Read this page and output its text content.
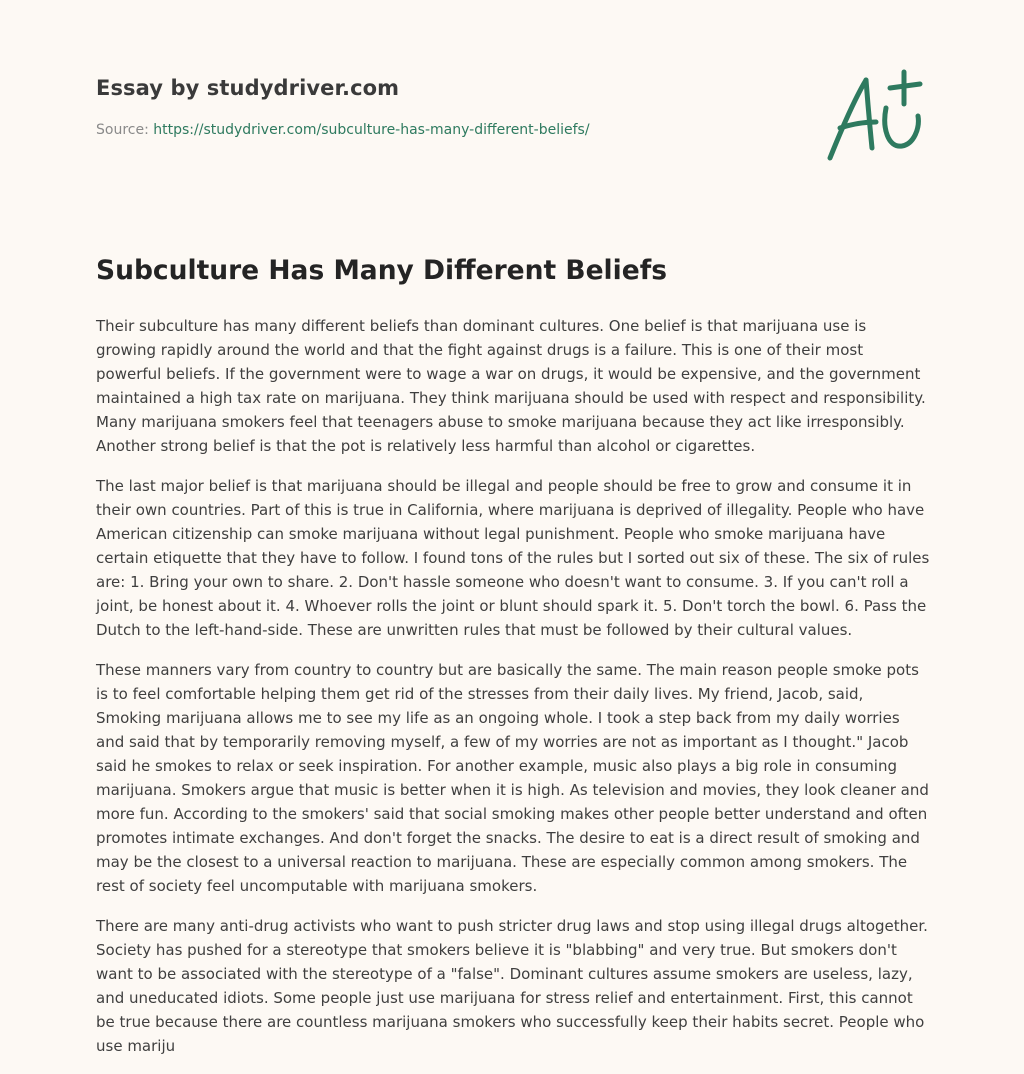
Essay by studydriver.com
Source: https://studydriver.com/subculture-has-many-different-beliefs/
Subculture Has Many Different Beliefs

Their subculture has many different beliefs than dominant cultures. One belief is that marijuana use is growing rapidly around the world and that the fight against drugs is a failure. This is one of their most powerful beliefs. If the government were to wage a war on drugs, it would be expensive, and the government maintained a high tax rate on marijuana. They think marijuana should be used with respect and responsibility. Many marijuana smokers feel that teenagers abuse to smoke marijuana because they act like irresponsibly. Another strong belief is that the pot is relatively less harmful than alcohol or cigarettes.

The last major belief is that marijuana should be illegal and people should be free to grow and consume it in their own countries. Part of this is true in California, where marijuana is deprived of illegality. People who have American citizenship can smoke marijuana without legal punishment. People who smoke marijuana have certain etiquette that they have to follow. I found tons of the rules but I sorted out six of these. The six of rules are: 1. Bring your own to share. 2. Don't hassle someone who doesn't want to consume. 3. If you can't roll a joint, be honest about it. 4. Whoever rolls the joint or blunt should spark it. 5. Don't torch the bowl. 6. Pass the Dutch to the left-hand-side. These are unwritten rules that must be followed by their cultural values.

These manners vary from country to country but are basically the same. The main reason people smoke pots is to feel comfortable helping them get rid of the stresses from their daily lives. My friend, Jacob, said, Smoking marijuana allows me to see my life as an ongoing whole. I took a step back from my daily worries and said that by temporarily removing myself, a few of my worries are not as important as I thought." Jacob said he smokes to relax or seek inspiration. For another example, music also plays a big role in consuming marijuana. Smokers argue that music is better when it is high. As television and movies, they look cleaner and more fun. According to the smokers' said that social smoking makes other people better understand and often promotes intimate exchanges. And don't forget the snacks. The desire to eat is a direct result of smoking and may be the closest to a universal reaction to marijuana. These are especially common among smokers. The rest of society feel uncomputable with marijuana smokers.

There are many anti-drug activists who want to push stricter drug laws and stop using illegal drugs altogether. Society has pushed for a stereotype that smokers believe it is "blabbing" and very true. But smokers don't want to be associated with the stereotype of a "false". Dominant cultures assume smokers are useless, lazy, and uneducated idiots. Some people just use marijuana for stress relief and entertainment. First, this cannot be true because there are countless marijuana smokers who successfully keep their habits secret. People who use mariju
